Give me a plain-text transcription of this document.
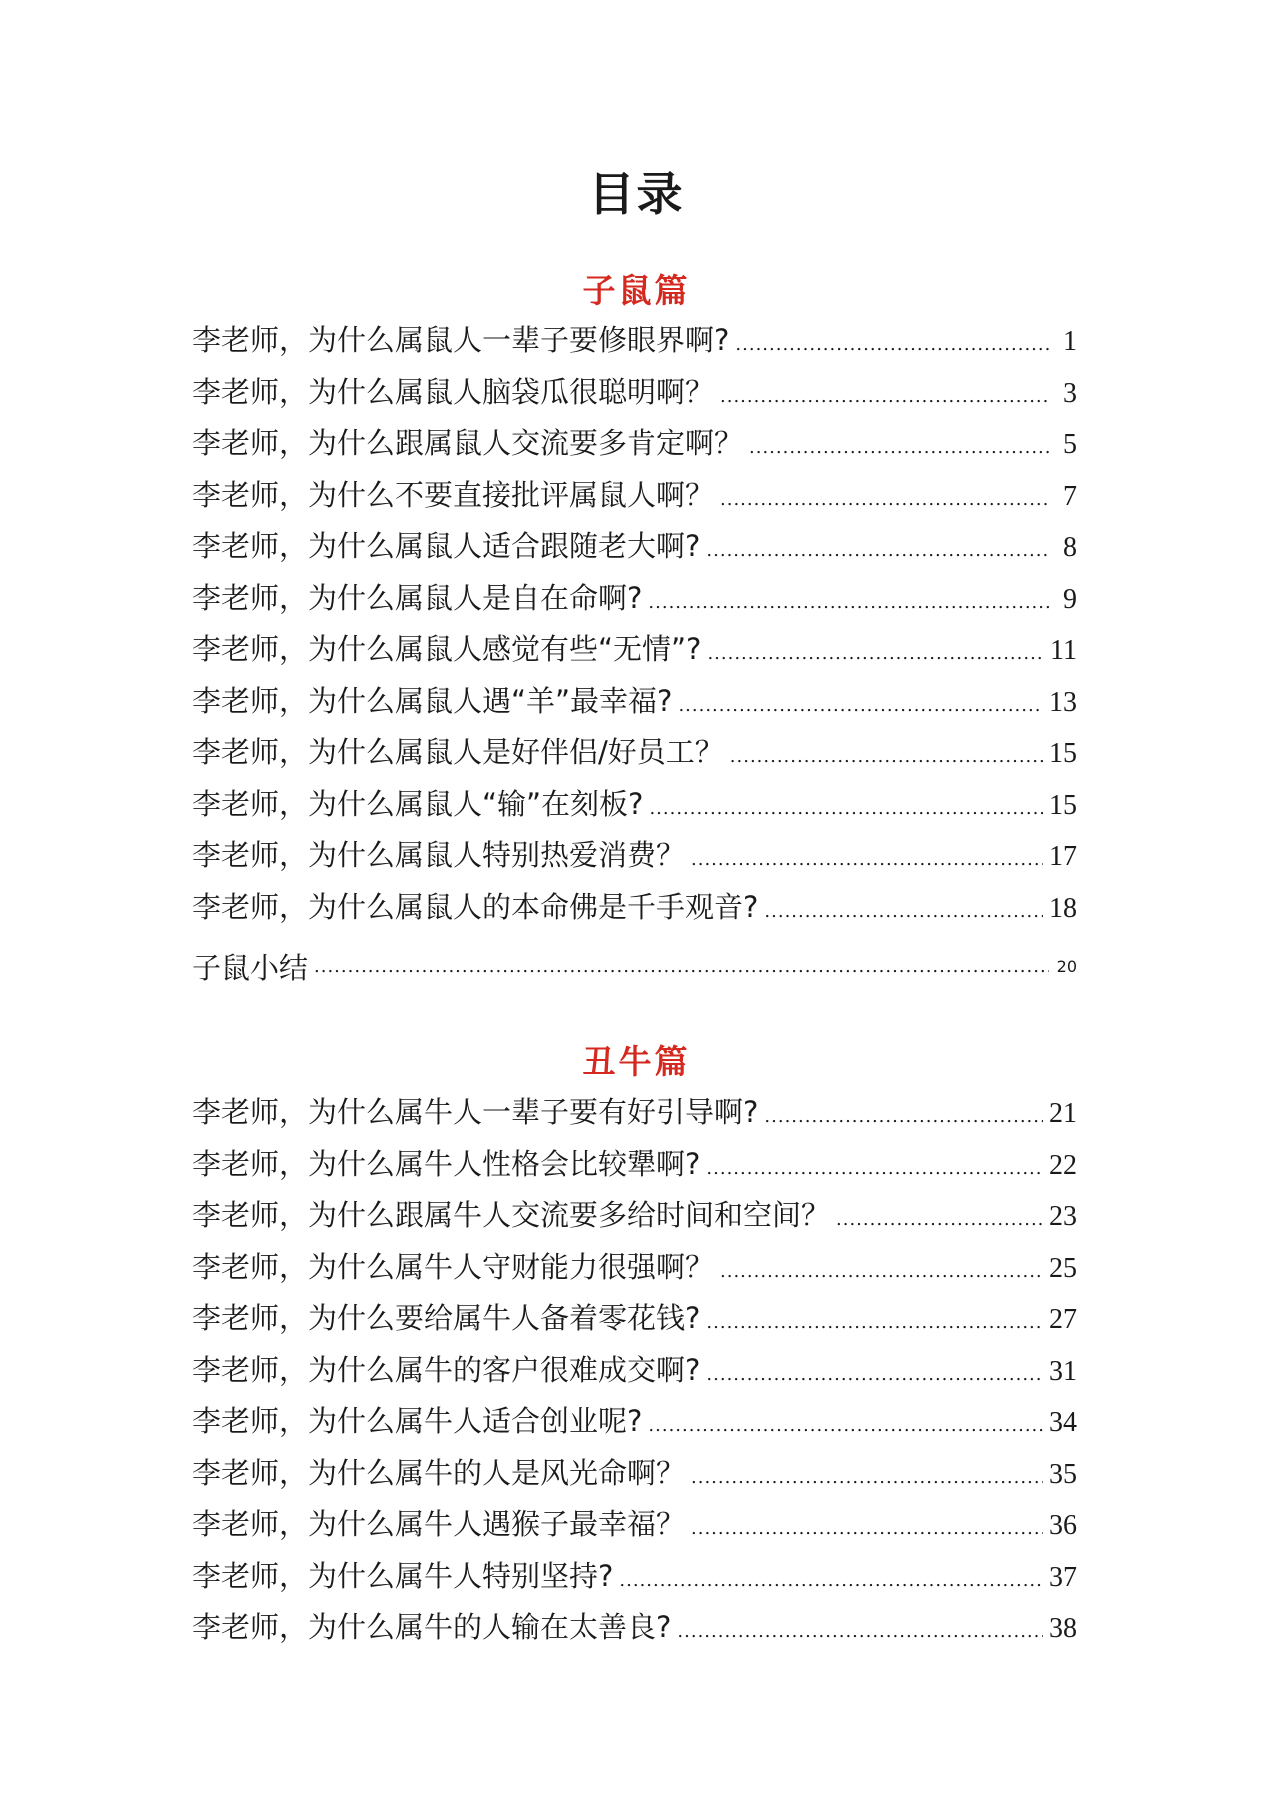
目录
子鼠篇
李老师，为什么属鼠人一辈子要修眼界啊? .....	1
李老师，为什么属鼠人脑袋瓜很聪明啊？ .....	3
李老师，为什么跟属鼠人交流要多肯定啊？ .....	5
李老师，为什么不要直接批评属鼠人啊？ .....	7
李老师，为什么属鼠人适合跟随老大啊? .....	8
李老师，为什么属鼠人是自在命啊? .....	9
李老师，为什么属鼠人感觉有些“无情”? .....	11
李老师，为什么属鼠人遇“羊”最幸福? .....	13
李老师，为什么属鼠人是好伴侣/好员工？ .....	15
李老师，为什么属鼠人“输”在刻板? .....	15
李老师，为什么属鼠人特别热爱消费？ .....	17
李老师，为什么属鼠人的本命佛是千手观音? .....	18
子鼠小结 .....	20
丑牛篇
李老师，为什么属牛人一辈子要有好引导啊? .....	21
李老师，为什么属牛人性格会比较犟啊? .....	22
李老师，为什么跟属牛人交流要多给时间和空间？ .....	23
李老师，为什么属牛人守财能力很强啊？ .....	25
李老师，为什么要给属牛人备着零花钱? .....	27
李老师，为什么属牛的客户很难成交啊? .....	31
李老师，为什么属牛人适合创业呢? .....	34
李老师，为什么属牛的人是风光命啊？ .....	35
李老师，为什么属牛人遇猴子最幸福？ .....	36
李老师，为什么属牛人特别坚持? .....	37
李老师，为什么属牛的人输在太善良? .....	38
